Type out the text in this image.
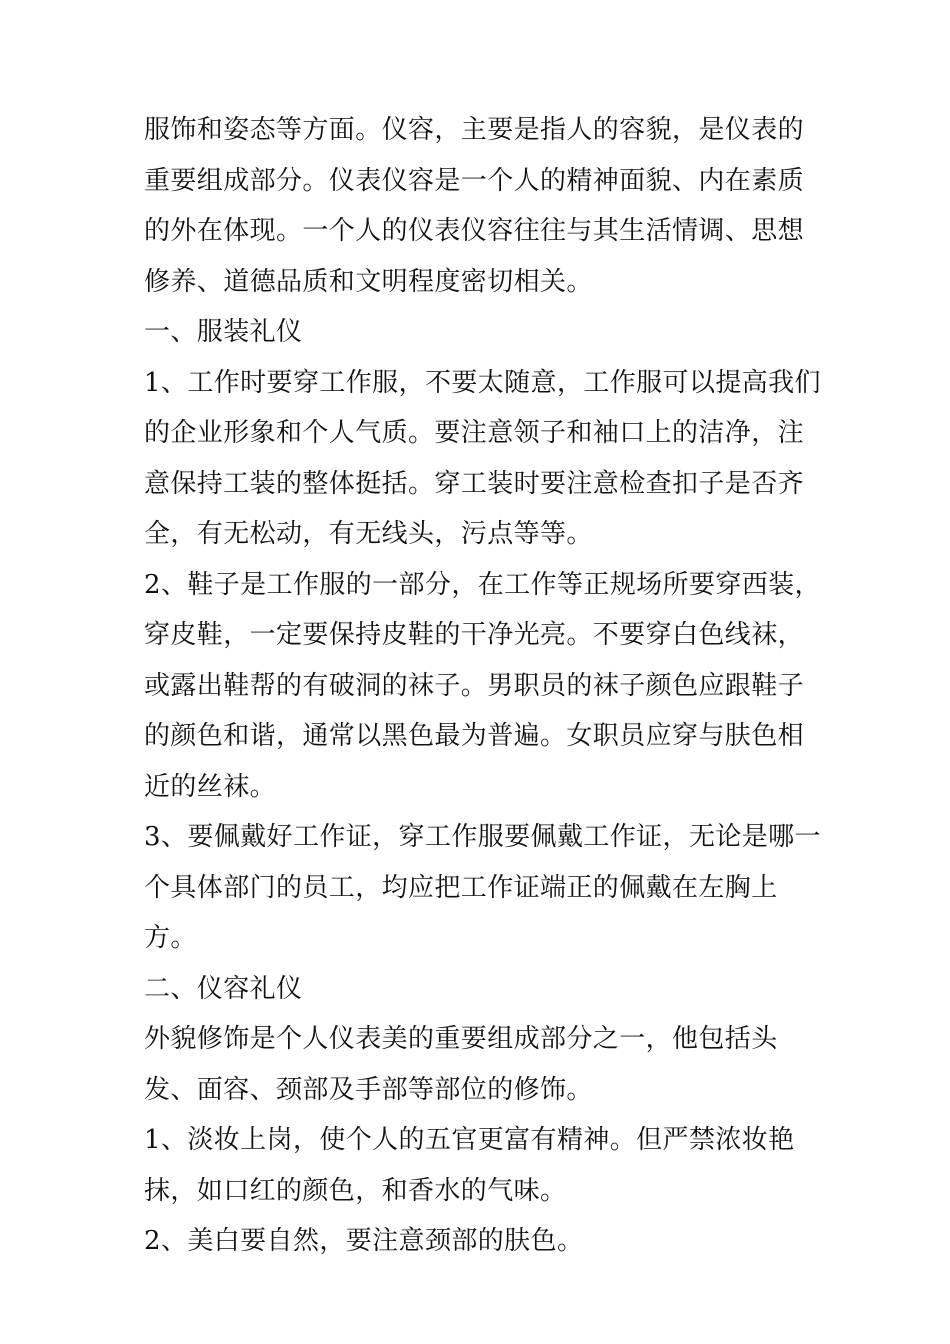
服饰和姿态等方面。仪容，主要是指人的容貌，是仪表的重要组成部分。仪表仪容是一个人的精神面貌、内在素质的外在体现。一个人的仪表仪容往往与其生活情调、思想修养、道德品质和文明程度密切相关。

一、服装礼仪

1、工作时要穿工作服，不要太随意，工作服可以提高我们的企业形象和个人气质。要注意领子和袖口上的洁净，注意保持工装的整体挺括。穿工装时要注意检查扣子是否齐全，有无松动，有无线头，污点等等。

2、鞋子是工作服的一部分，在工作等正规场所要穿西装，穿皮鞋，一定要保持皮鞋的干净光亮。不要穿白色线袜，或露出鞋帮的有破洞的袜子。男职员的袜子颜色应跟鞋子的颜色和谐，通常以黑色最为普遍。女职员应穿与肤色相近的丝袜。

3、要佩戴好工作证，穿工作服要佩戴工作证，无论是哪一个具体部门的员工，均应把工作证端正的佩戴在左胸上方。

二、仪容礼仪

外貌修饰是个人仪表美的重要组成部分之一，他包括头发、面容、颈部及手部等部位的修饰。

1、淡妆上岗，使个人的五官更富有精神。但严禁浓妆艳抹，如口红的颜色，和香水的气味。

2、美白要自然，要注意颈部的肤色。
